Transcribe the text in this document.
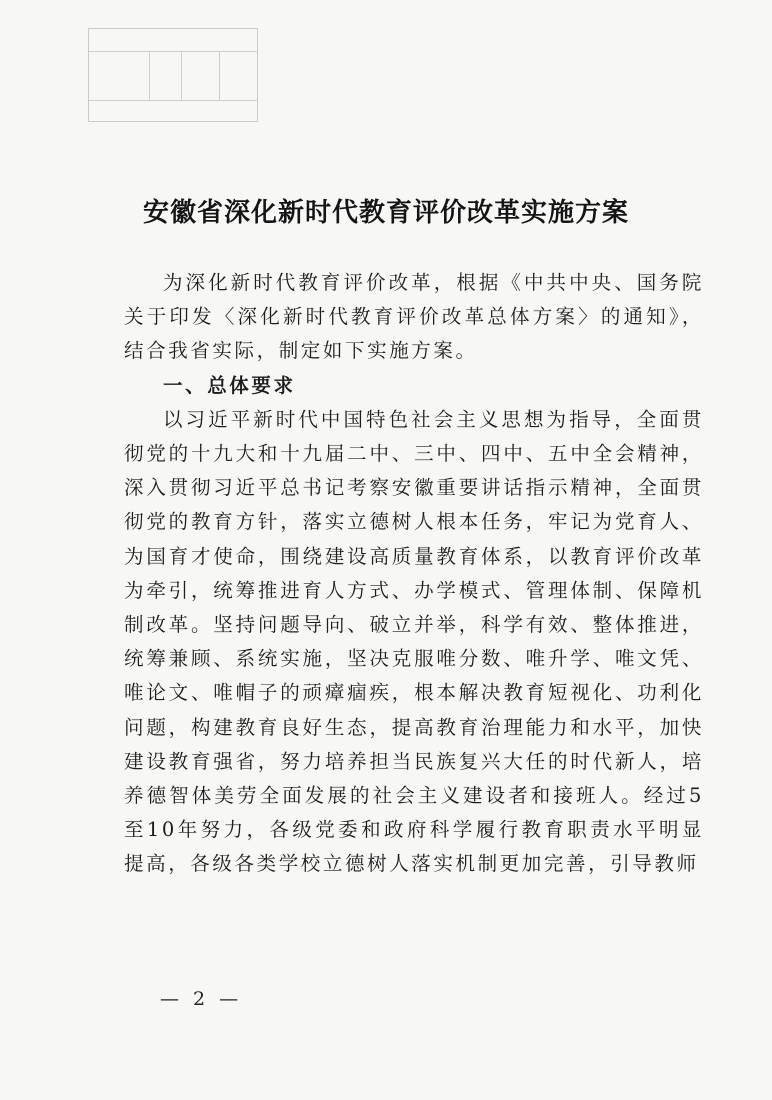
安徽省深化新时代教育评价改革实施方案

为深化新时代教育评价改革，根据《中共中央、国务院关于印发〈深化新时代教育评价改革总体方案〉的通知》，结合我省实际，制定如下实施方案。

一、总体要求

以习近平新时代中国特色社会主义思想为指导，全面贯彻党的十九大和十九届二中、三中、四中、五中全会精神，深入贯彻习近平总书记考察安徽重要讲话指示精神，全面贯彻党的教育方针，落实立德树人根本任务，牢记为党育人、为国育才使命，围绕建设高质量教育体系，以教育评价改革为牵引，统筹推进育人方式、办学模式、管理体制、保障机制改革。坚持问题导向、破立并举，科学有效、整体推进，统筹兼顾、系统实施，坚决克服唯分数、唯升学、唯文凭、唯论文、唯帽子的顽瘴痼疾，根本解决教育短视化、功利化问题，构建教育良好生态，提高教育治理能力和水平，加快建设教育强省，努力培养担当民族复兴大任的时代新人，培养德智体美劳全面发展的社会主义建设者和接班人。经过5至10年努力，各级党委和政府科学履行教育职责水平明显提高，各级各类学校立德树人落实机制更加完善，引导教师

— 2 —
